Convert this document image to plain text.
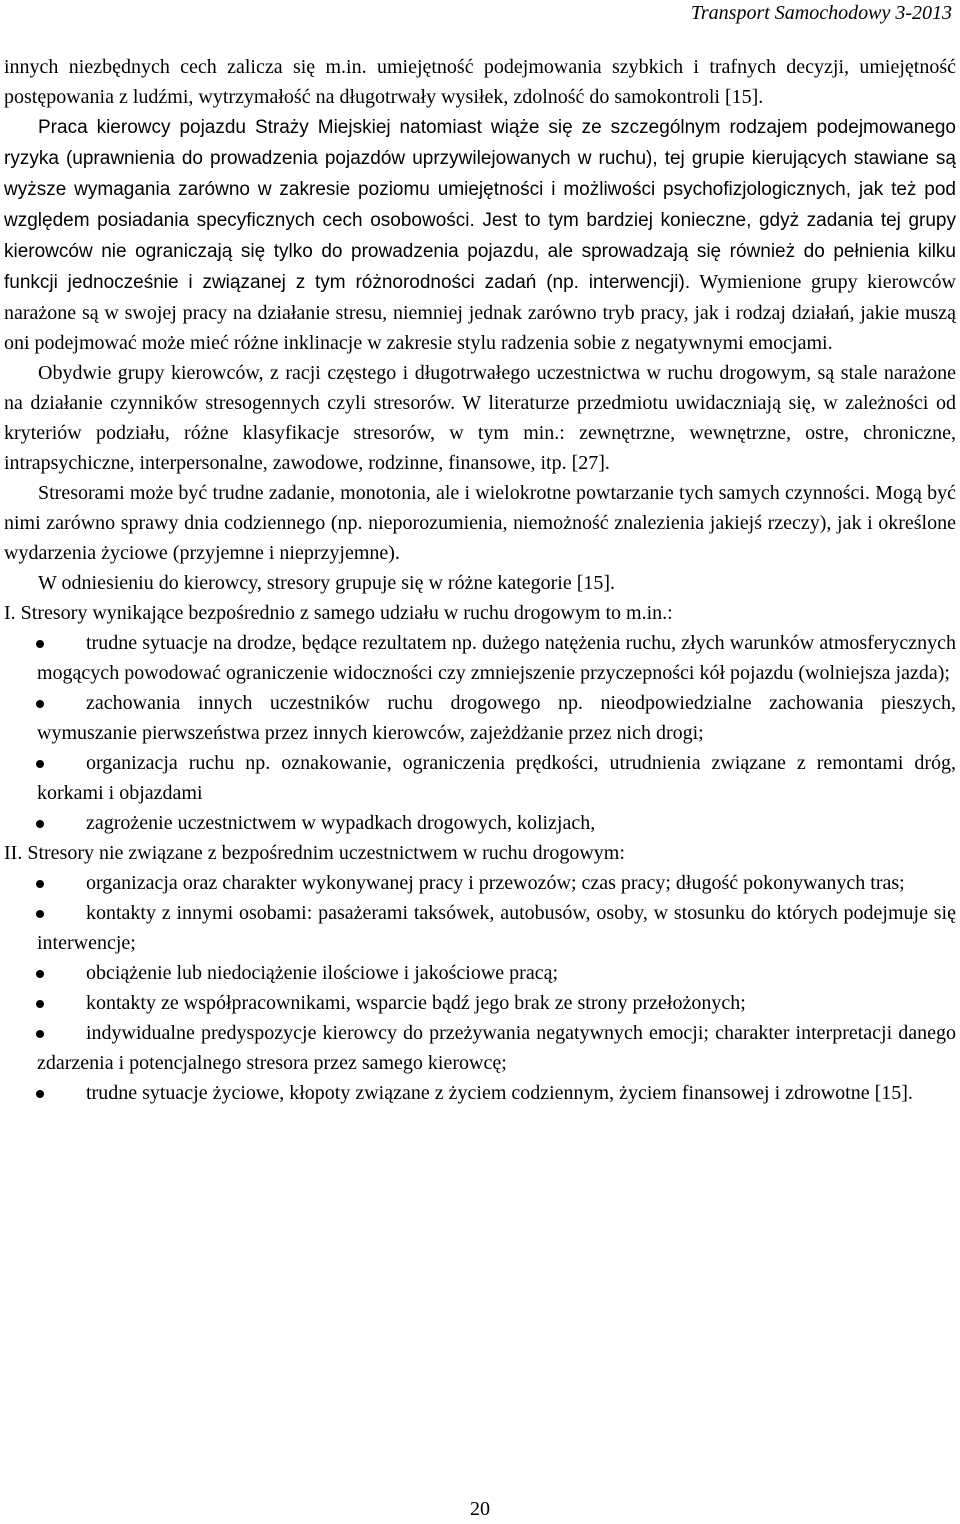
Transport Samochodowy 3-2013

innych niezbędnych cech zalicza się m.in. umiejętność podejmowania szybkich i trafnych decyzji, umiejętność postępowania z ludźmi, wytrzymałość na długotrwały wysiłek, zdolność do samokontroli [15].

Praca kierowcy pojazdu Straży Miejskiej natomiast wiąże się ze szczególnym rodzajem podejmowanego ryzyka (uprawnienia do prowadzenia pojazdów uprzywilejowanych w ruchu), tej grupie kierujących stawiane są wyższe wymagania zarówno w zakresie poziomu umiejętności i możliwości psychofizjologicznych, jak też pod względem posiadania specyficznych cech osobowości. Jest to tym bardziej konieczne, gdyż zadania tej grupy kierowców nie ograniczają się tylko do prowadzenia pojazdu, ale sprowadzają się również do pełnienia kilku funkcji jednocześnie i związanej z tym różnorodności zadań (np. interwencji). Wymienione grupy kierowców narażone są w swojej pracy na działanie stresu, niemniej jednak zarówno tryb pracy, jak i rodzaj działań, jakie muszą oni podejmować może mieć różne inklinacje w zakresie stylu radzenia sobie z negatywnymi emocjami.

Obydwie grupy kierowców, z racji częstego i długotrwałego uczestnictwa w ruchu drogowym, są stale narażone na działanie czynników stresogennych czyli stresorów. W literaturze przedmiotu uwidaczniają się, w zależności od kryteriów podziału, różne klasyfikacje stresorów, w tym min.: zewnętrzne, wewnętrzne, ostre, chroniczne, intrapsychiczne, interpersonalne, zawodowe, rodzinne, finansowe, itp. [27].

Stresorami może być trudne zadanie, monotonia, ale i wielokrotne powtarzanie tych samych czynności. Mogą być nimi zarówno sprawy dnia codziennego (np. nieporozumienia, niemożność znalezienia jakiejś rzeczy), jak i określone wydarzenia życiowe (przyjemne i nieprzyjemne).

W odniesieniu do kierowcy, stresory grupuje się w różne kategorie [15].

I. Stresory wynikające bezpośrednio z samego udziału w ruchu drogowym to m.in.:

trudne sytuacje na drodze, będące rezultatem np. dużego natężenia ruchu, złych warunków atmosferycznych mogących powodować ograniczenie widoczności czy zmniejszenie przyczepności kół pojazdu (wolniejsza jazda);
zachowania innych uczestników ruchu drogowego np. nieodpowiedzialne zachowania pieszych, wymuszanie pierwszeństwa przez innych kierowców, zajeżdżanie przez nich drogi;
organizacja ruchu np. oznakowanie, ograniczenia prędkości, utrudnienia związane z remontami dróg, korkami i objazdami
zagrożenie uczestnictwem w wypadkach drogowych, kolizjach,

II. Stresory nie związane z bezpośrednim uczestnictwem w ruchu drogowym:

organizacja oraz charakter wykonywanej pracy i przewozów; czas pracy; długość pokonywanych tras;
kontakty z innymi osobami: pasażerami taksówek, autobusów, osoby, w stosunku do których podejmuje się interwencje;
obciążenie lub niedociążenie ilościowe i jakościowe pracą;
kontakty ze współpracownikami, wsparcie bądź jego brak ze strony przełożonych;
indywidualne predyspozycje kierowcy do przeżywania negatywnych emocji; charakter interpretacji danego zdarzenia i potencjalnego stresora przez samego kierowcę;
trudne sytuacje życiowe, kłopoty związane z życiem codziennym, życiem finansowej i zdrowotne [15].
20
